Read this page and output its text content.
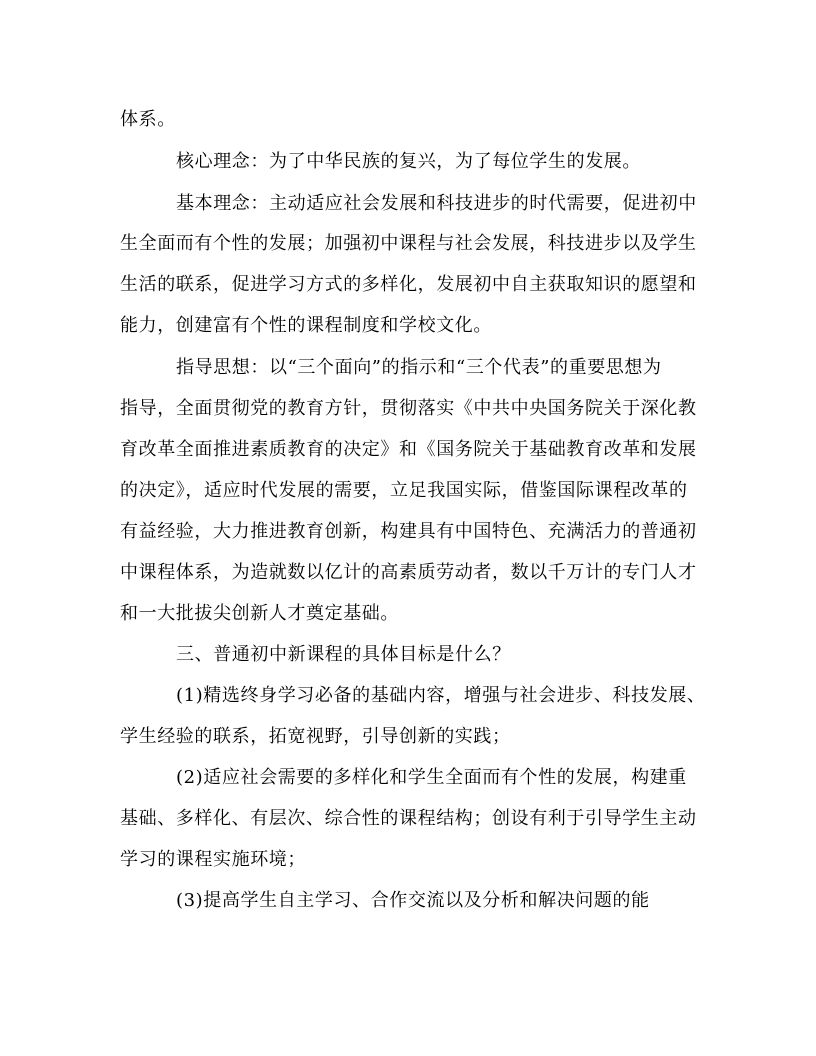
体系。
核心理念：为了中华民族的复兴，为了每位学生的发展。
基本理念：主动适应社会发展和科技进步的时代需要，促进初中
生全面而有个性的发展；加强初中课程与社会发展，科技进步以及学生
生活的联系，促进学习方式的多样化，发展初中自主获取知识的愿望和
能力，创建富有个性的课程制度和学校文化。
指导思想：以“三个面向”的指示和“三个代表”的重要思想为
指导，全面贯彻党的教育方针，贯彻落实《中共中央国务院关于深化教
育改革全面推进素质教育的决定》和《国务院关于基础教育改革和发展
的决定》，适应时代发展的需要，立足我国实际，借鉴国际课程改革的
有益经验，大力推进教育创新，构建具有中国特色、充满活力的普通初
中课程体系，为造就数以亿计的高素质劳动者，数以千万计的专门人才
和一大批拔尖创新人才奠定基础。
三、普通初中新课程的具体目标是什么？
(1)精选终身学习必备的基础内容，增强与社会进步、科技发展、
学生经验的联系，拓宽视野，引导创新的实践；
(2)适应社会需要的多样化和学生全面而有个性的发展，构建重
基础、多样化、有层次、综合性的课程结构；创设有利于引导学生主动
学习的课程实施环境；
(3)提高学生自主学习、合作交流以及分析和解决问题的能
